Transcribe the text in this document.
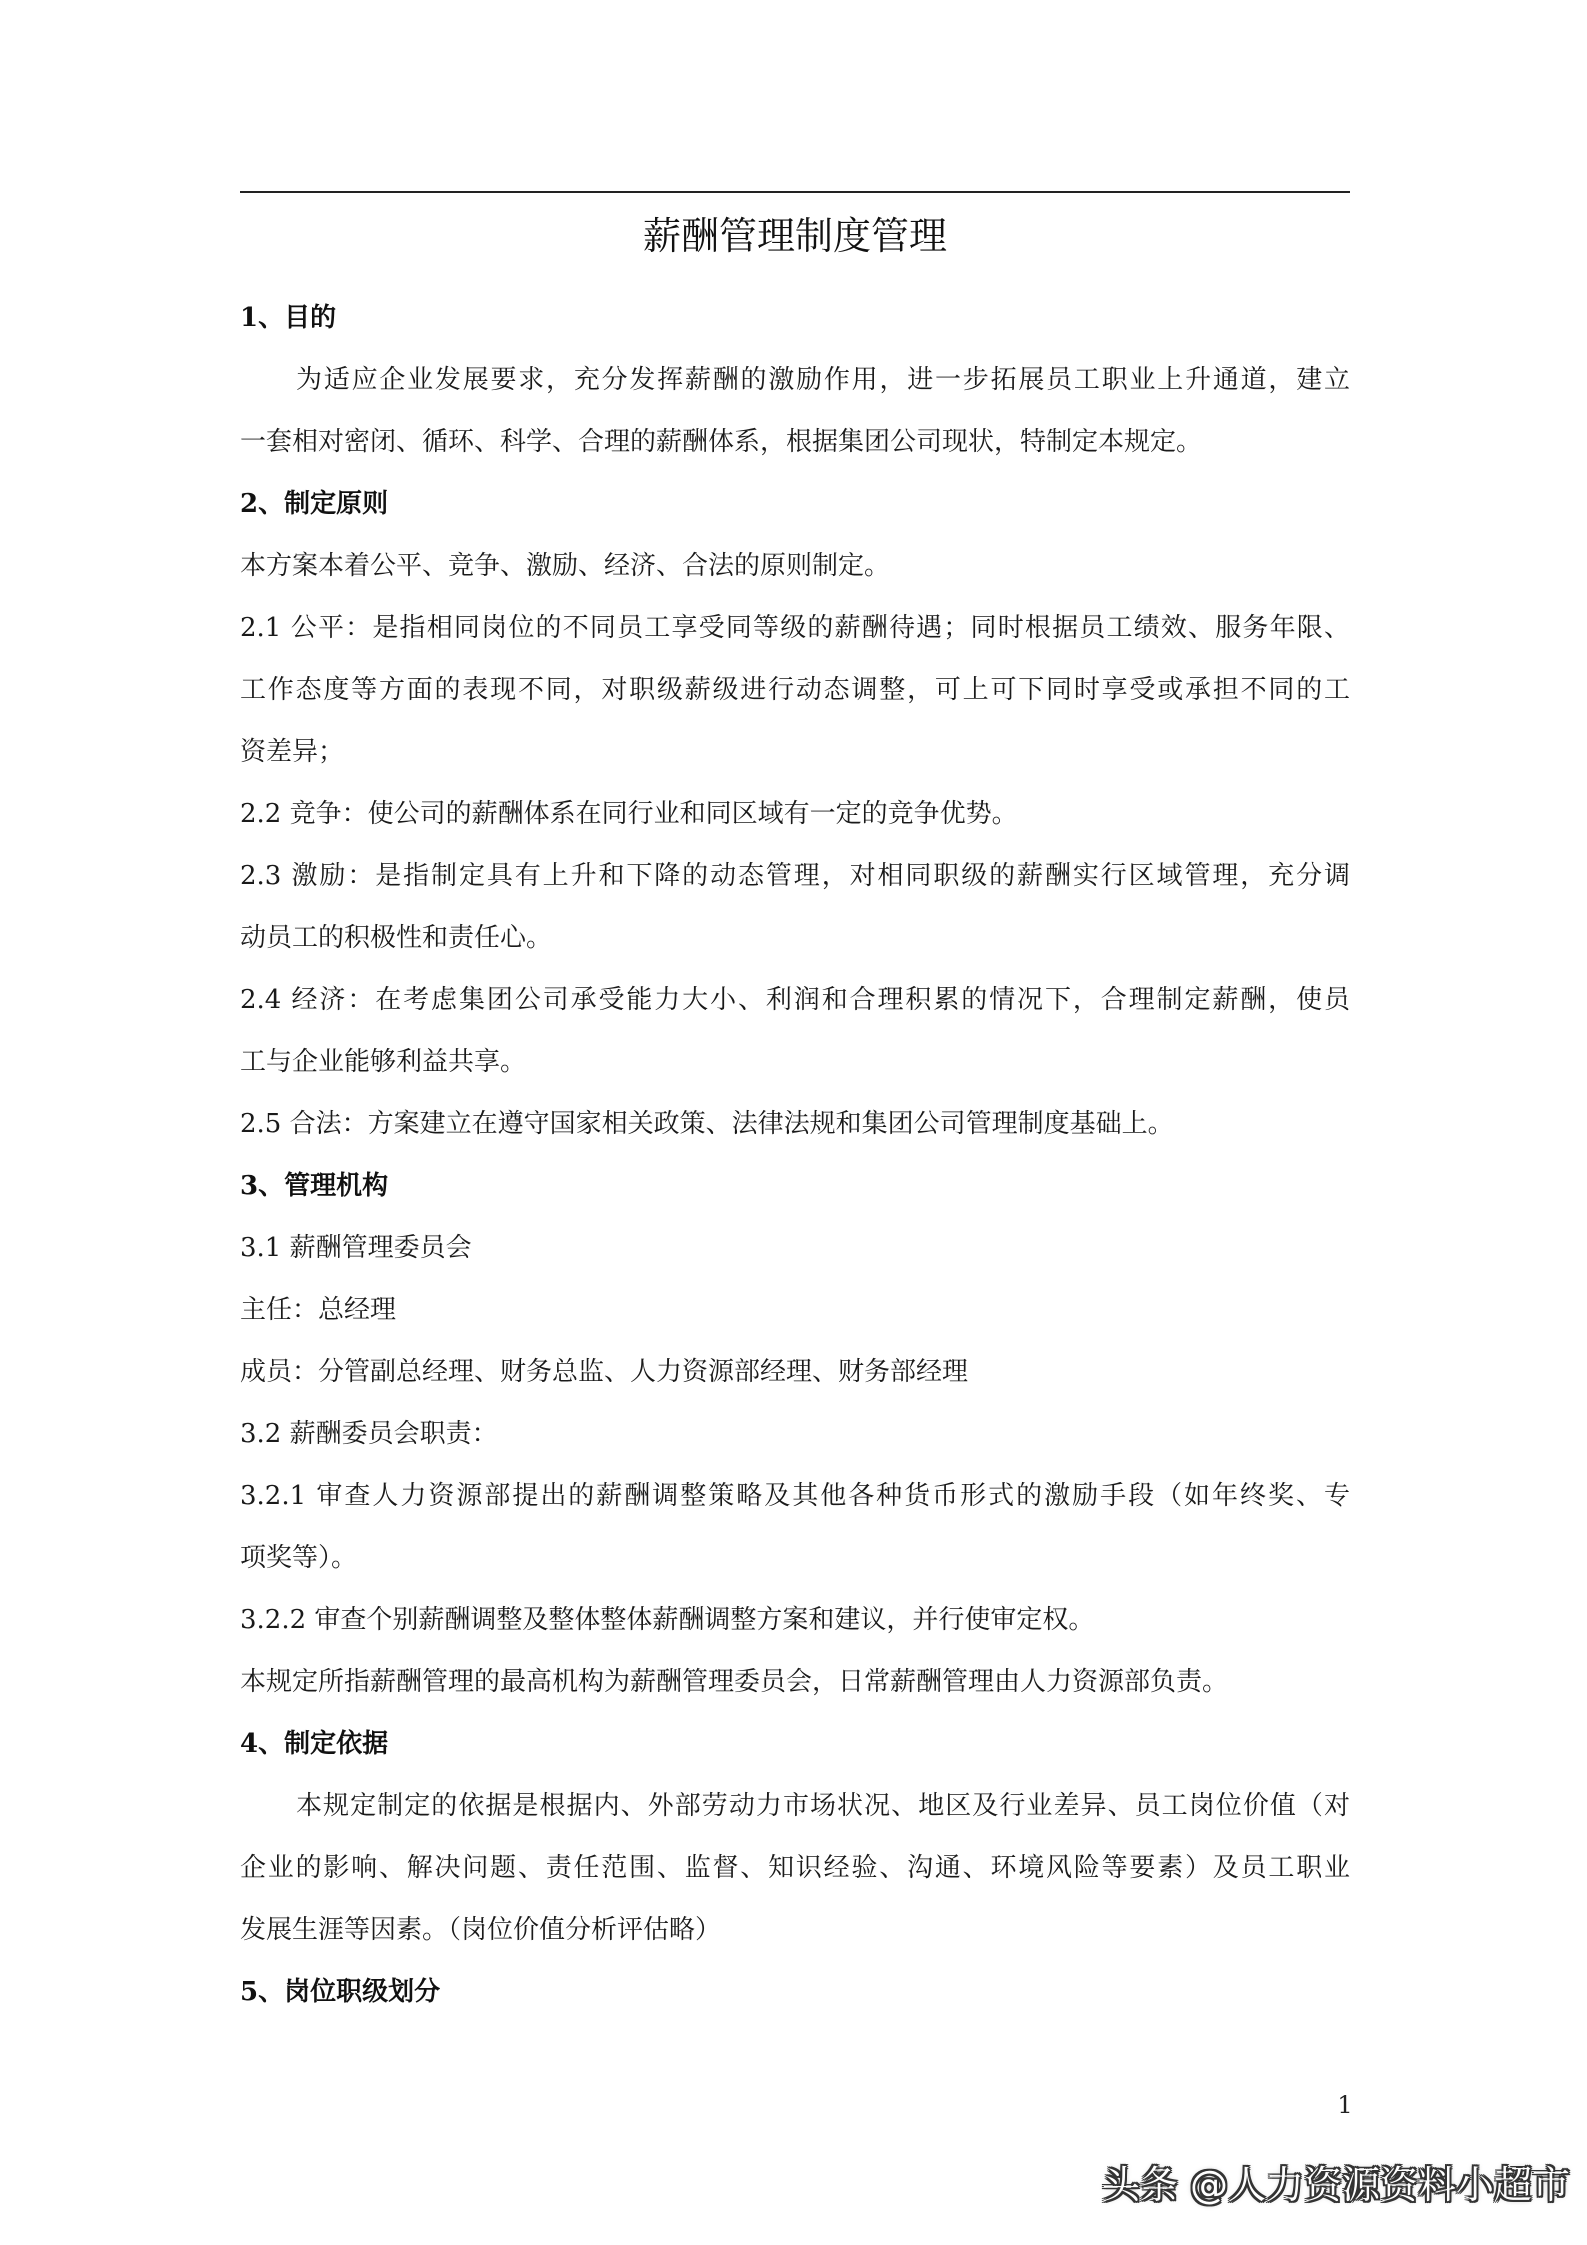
薪酬管理制度管理
1、目的
为适应企业发展要求，充分发挥薪酬的激励作用，进一步拓展员工职业上升通道，建立
一套相对密闭、循环、科学、合理的薪酬体系，根据集团公司现状，特制定本规定。
2、制定原则
本方案本着公平、竞争、激励、经济、合法的原则制定。
2.1 公平：是指相同岗位的不同员工享受同等级的薪酬待遇；同时根据员工绩效、服务年限、
工作态度等方面的表现不同，对职级薪级进行动态调整，可上可下同时享受或承担不同的工
资差异；
2.2 竞争：使公司的薪酬体系在同行业和同区域有一定的竞争优势。
2.3 激励：是指制定具有上升和下降的动态管理，对相同职级的薪酬实行区域管理，充分调
动员工的积极性和责任心。
2.4 经济：在考虑集团公司承受能力大小、利润和合理积累的情况下，合理制定薪酬，使员
工与企业能够利益共享。
2.5 合法：方案建立在遵守国家相关政策、法律法规和集团公司管理制度基础上。
3、管理机构
3.1 薪酬管理委员会
主任：总经理
成员：分管副总经理、财务总监、人力资源部经理、财务部经理
3.2 薪酬委员会职责：
3.2.1 审查人力资源部提出的薪酬调整策略及其他各种货币形式的激励手段（如年终奖、专
项奖等）。
3.2.2 审查个别薪酬调整及整体整体薪酬调整方案和建议，并行使审定权。
本规定所指薪酬管理的最高机构为薪酬管理委员会，日常薪酬管理由人力资源部负责。
4、制定依据
本规定制定的依据是根据内、外部劳动力市场状况、地区及行业差异、员工岗位价值（对
企业的影响、解决问题、责任范围、监督、知识经验、沟通、环境风险等要素）及员工职业
发展生涯等因素。（岗位价值分析评估略）
5、岗位职级划分
1
头条 @人力资源资料小超市
